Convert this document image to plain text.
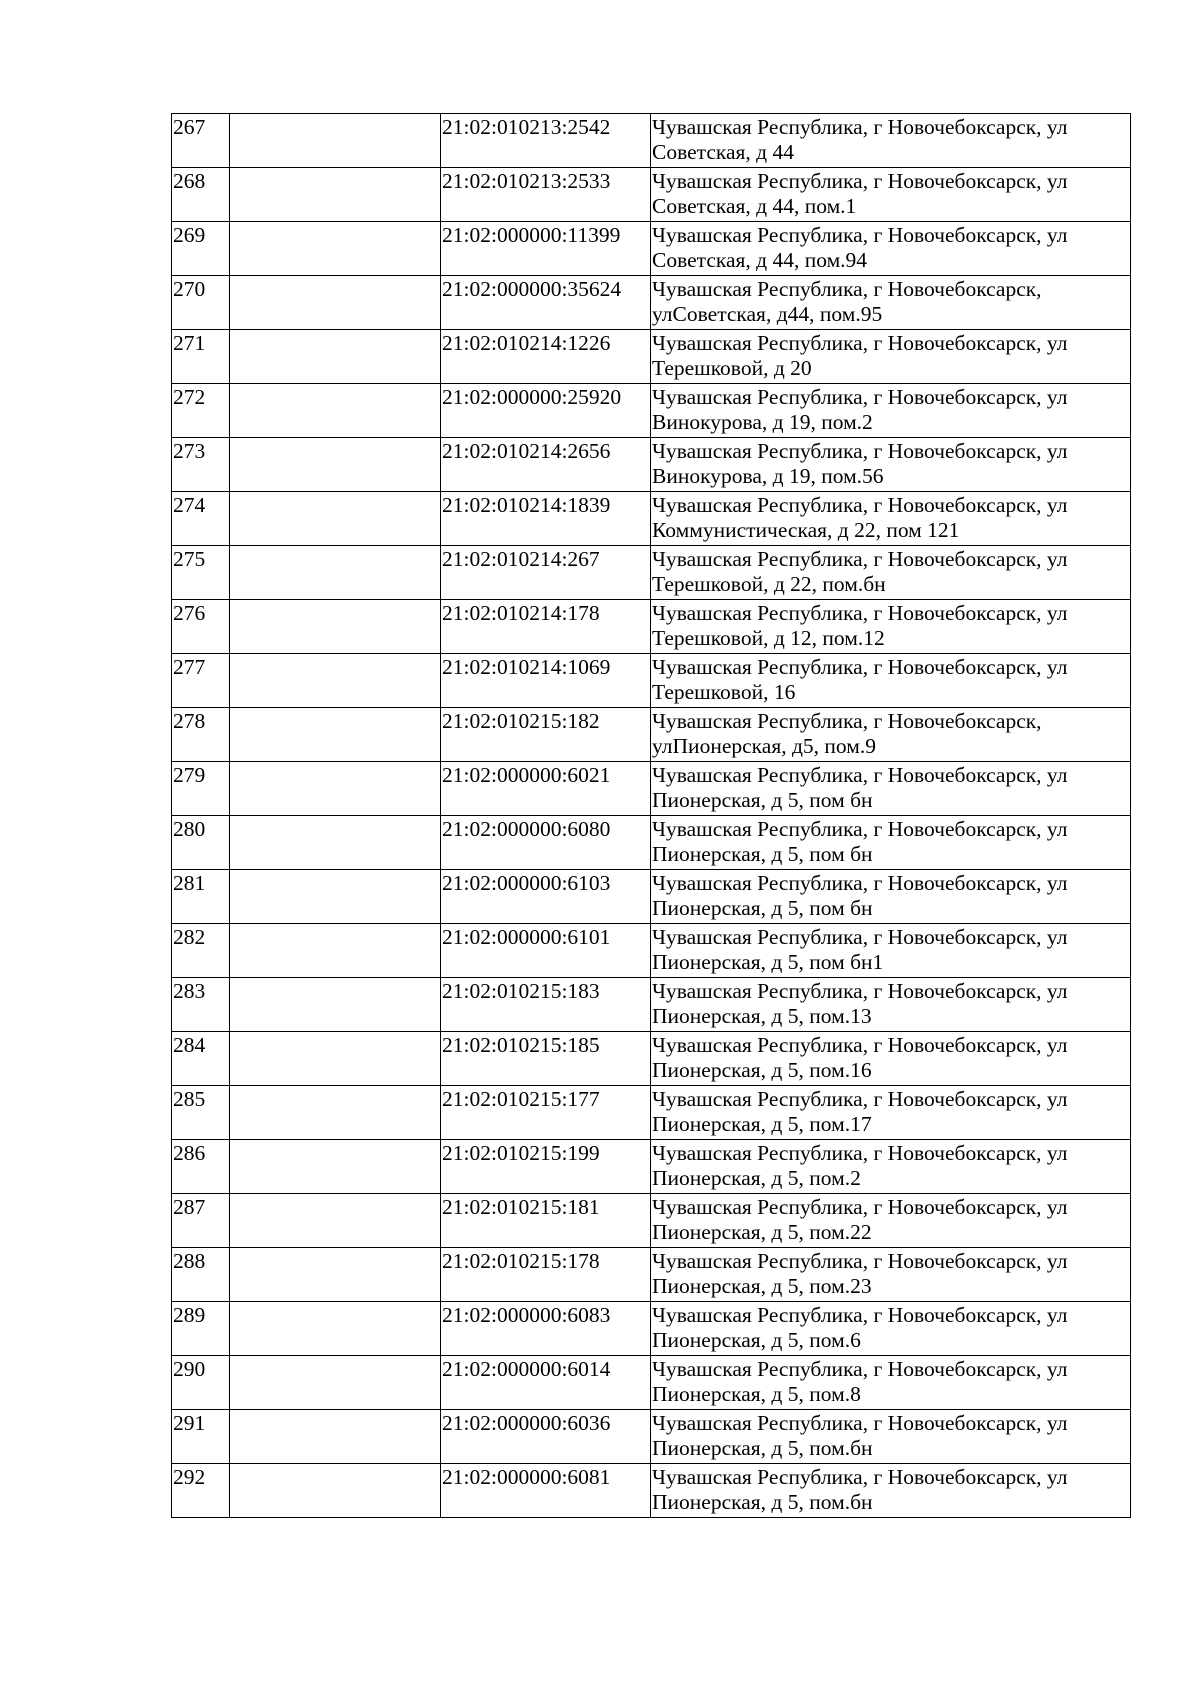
267		21:02:010213:2542	Чувашская Республика, г Новочебоксарск, ул
Советская, д 44

268		21:02:010213:2533	Чувашская Республика, г Новочебоксарск, ул
Советская, д 44, пом.1

269		21:02:000000:11399	Чувашская Республика, г Новочебоксарск, ул
Советская, д 44, пом.94

270		21:02:000000:35624	Чувашская Республика, г Новочебоксарск,
улСоветская, д44, пом.95

271		21:02:010214:1226	Чувашская Республика, г Новочебоксарск, ул
Терешковой, д 20

272		21:02:000000:25920	Чувашская Республика, г Новочебоксарск, ул
Винокурова, д 19, пом.2

273		21:02:010214:2656	Чувашская Республика, г Новочебоксарск, ул
Винокурова, д 19, пом.56

274		21:02:010214:1839	Чувашская Республика, г Новочебоксарск, ул
Коммунистическая, д 22, пом 121

275		21:02:010214:267	Чувашская Республика, г Новочебоксарск, ул
Терешковой, д 22, пом.бн

276		21:02:010214:178	Чувашская Республика, г Новочебоксарск, ул
Терешковой, д 12, пом.12

277		21:02:010214:1069	Чувашская Республика, г Новочебоксарск, ул
Терешковой, 16

278		21:02:010215:182	Чувашская Республика, г Новочебоксарск,
улПионерская, д5, пом.9

279		21:02:000000:6021	Чувашская Республика, г Новочебоксарск, ул
Пионерская, д 5, пом бн

280		21:02:000000:6080	Чувашская Республика, г Новочебоксарск, ул
Пионерская, д 5, пом бн

281		21:02:000000:6103	Чувашская Республика, г Новочебоксарск, ул
Пионерская, д 5, пом бн

282		21:02:000000:6101	Чувашская Республика, г Новочебоксарск, ул
Пионерская, д 5, пом бн1

283		21:02:010215:183	Чувашская Республика, г Новочебоксарск, ул
Пионерская, д 5, пом.13

284		21:02:010215:185	Чувашская Республика, г Новочебоксарск, ул
Пионерская, д 5, пом.16

285		21:02:010215:177	Чувашская Республика, г Новочебоксарск, ул
Пионерская, д 5, пом.17

286		21:02:010215:199	Чувашская Республика, г Новочебоксарск, ул
Пионерская, д 5, пом.2

287		21:02:010215:181	Чувашская Республика, г Новочебоксарск, ул
Пионерская, д 5, пом.22

288		21:02:010215:178	Чувашская Республика, г Новочебоксарск, ул
Пионерская, д 5, пом.23

289		21:02:000000:6083	Чувашская Республика, г Новочебоксарск, ул
Пионерская, д 5, пом.6

290		21:02:000000:6014	Чувашская Республика, г Новочебоксарск, ул
Пионерская, д 5, пом.8

291		21:02:000000:6036	Чувашская Республика, г Новочебоксарск, ул
Пионерская, д 5, пом.бн

292		21:02:000000:6081	Чувашская Республика, г Новочебоксарск, ул
Пионерская, д 5, пом.бн
